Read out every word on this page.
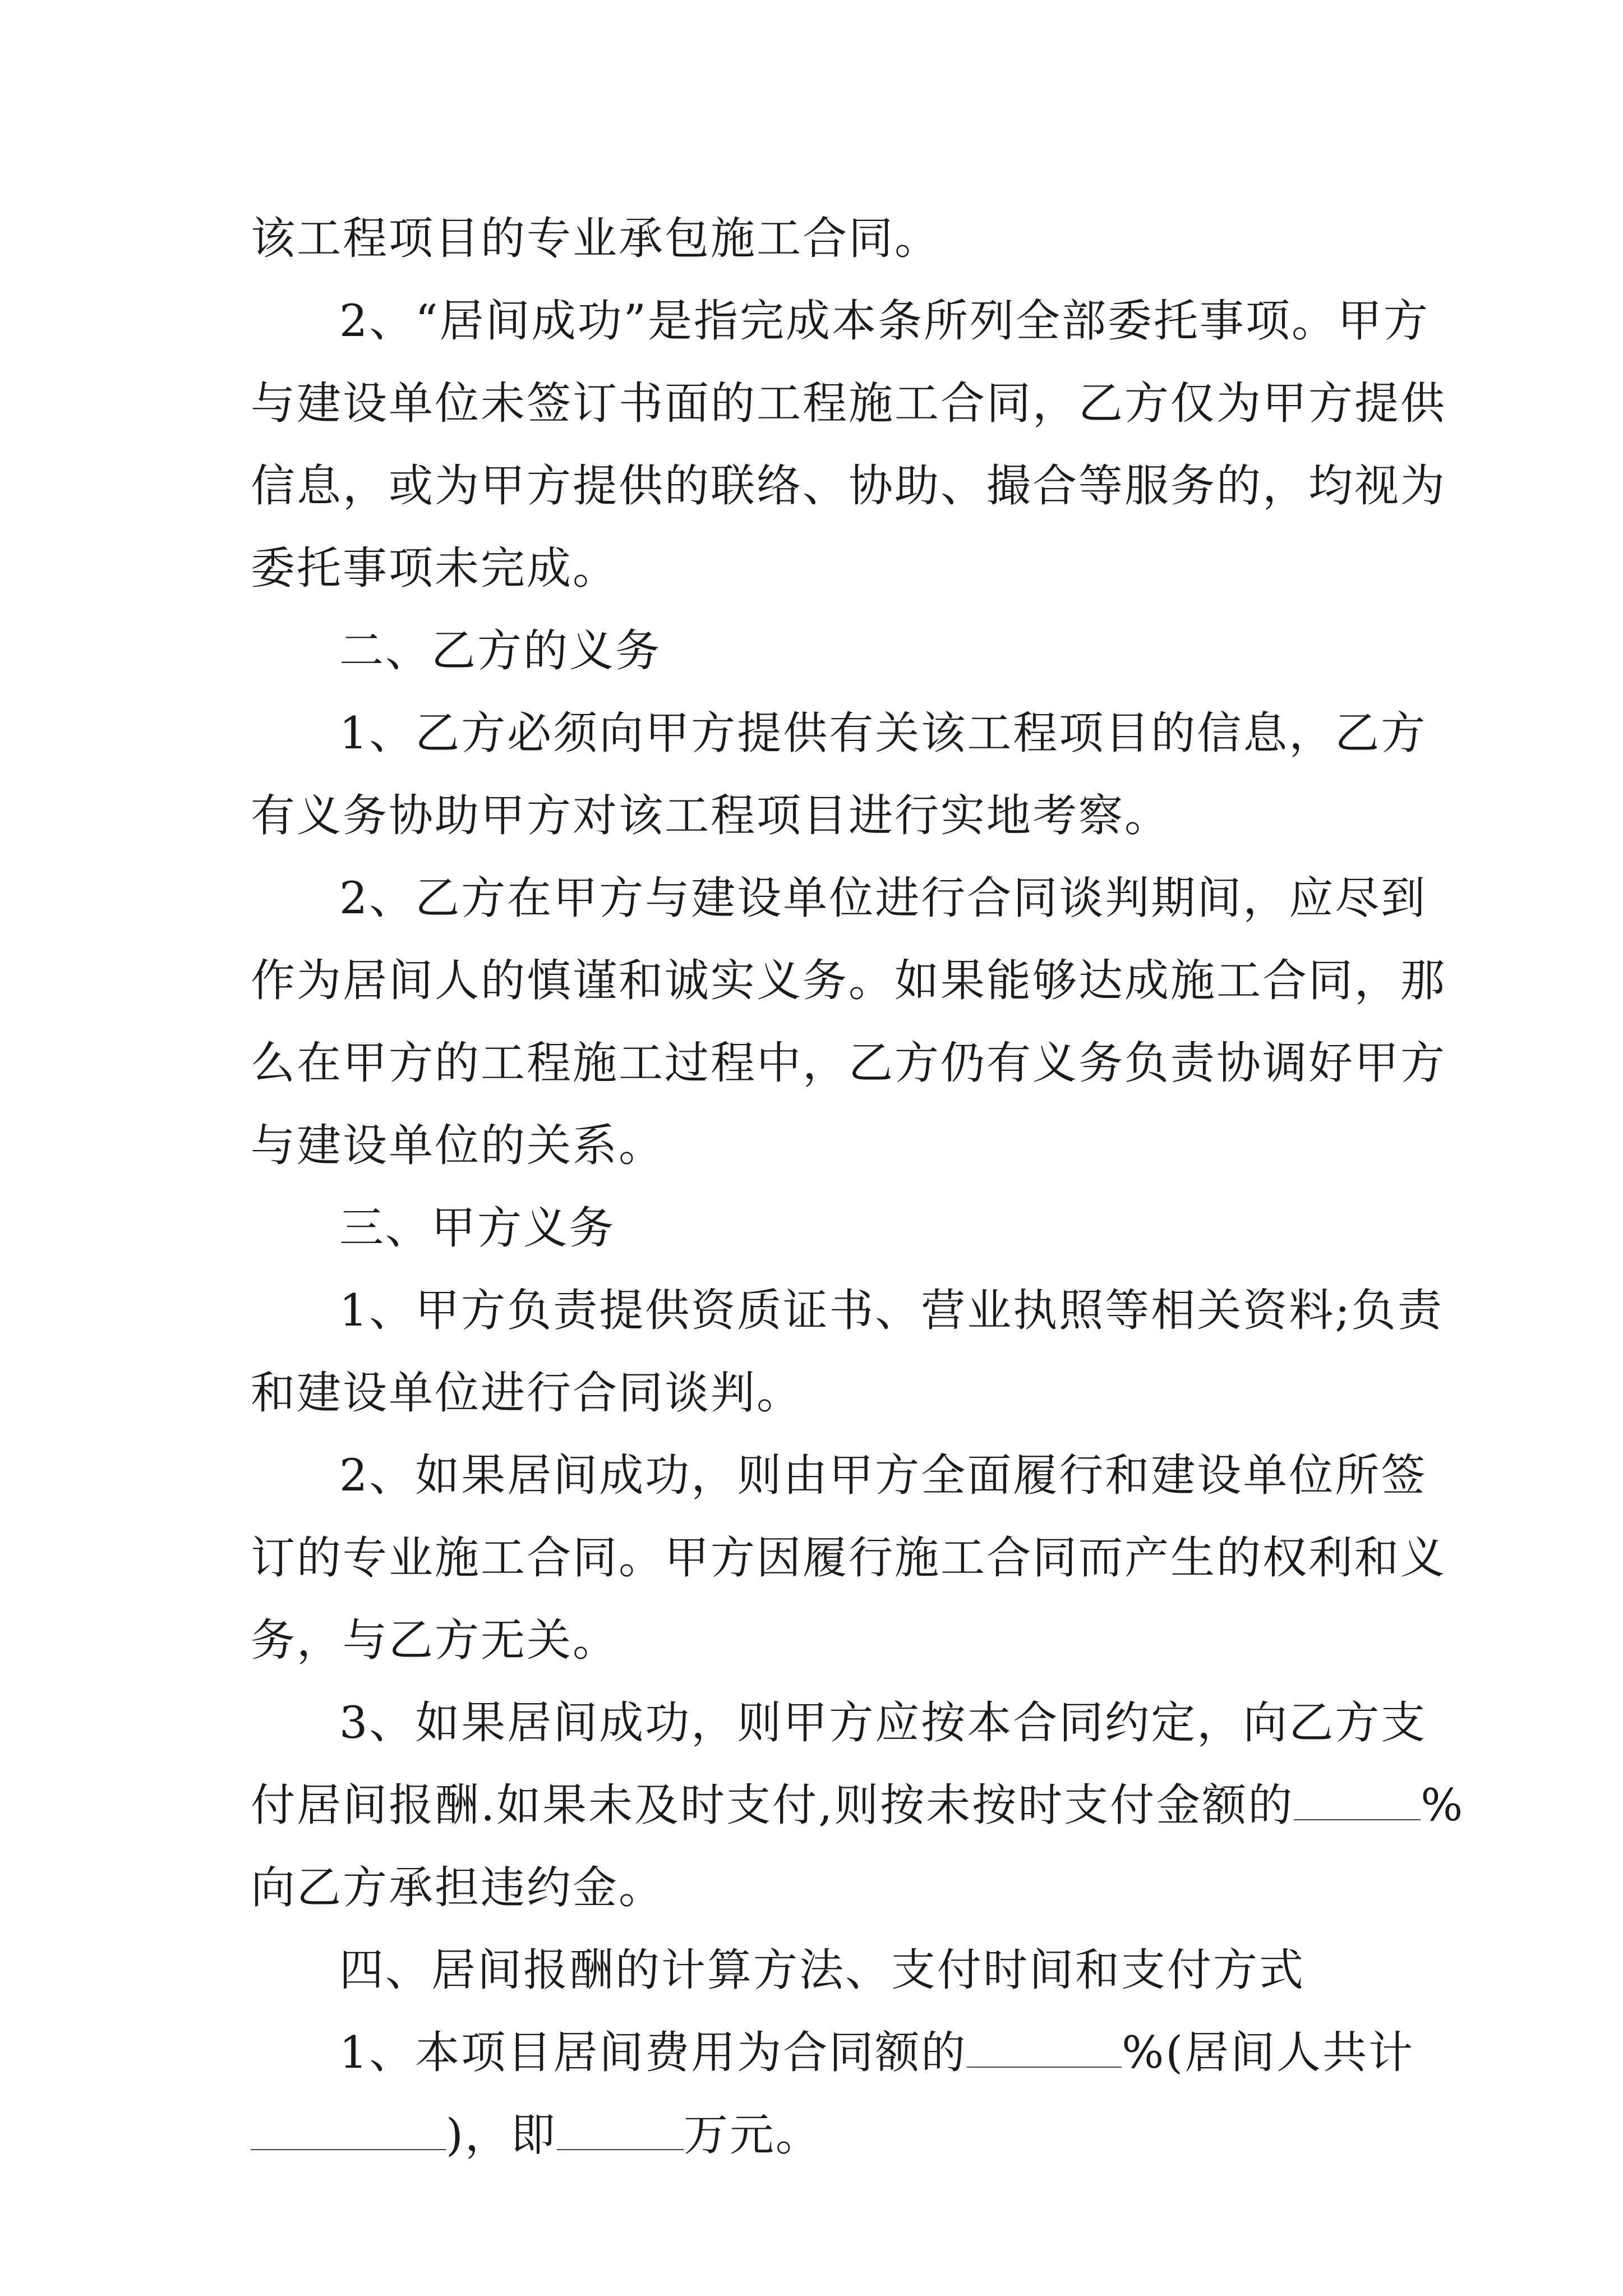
该工程项目的专业承包施工合同。
2、“居间成功”是指完成本条所列全部委托事项。甲方
与建设单位未签订书面的工程施工合同，乙方仅为甲方提供
信息，或为甲方提供的联络、协助、撮合等服务的，均视为
委托事项未完成。
二、乙方的义务
1、乙方必须向甲方提供有关该工程项目的信息，乙方
有义务协助甲方对该工程项目进行实地考察。
2、乙方在甲方与建设单位进行合同谈判期间，应尽到
作为居间人的慎谨和诚实义务。如果能够达成施工合同，那
么在甲方的工程施工过程中，乙方仍有义务负责协调好甲方
与建设单位的关系。
三、甲方义务
1、甲方负责提供资质证书、营业执照等相关资料;负责
和建设单位进行合同谈判。
2、如果居间成功，则由甲方全面履行和建设单位所签
订的专业施工合同。甲方因履行施工合同而产生的权利和义
务，与乙方无关。
3、如果居间成功，则甲方应按本合同约定，向乙方支
付居间报酬.如果未及时支付,则按未按时支付金额的	%
向乙方承担违约金。
四、居间报酬的计算方法、支付时间和支付方式
1、本项目居间费用为合同额的	%(居间人共计
)，即	万元。
